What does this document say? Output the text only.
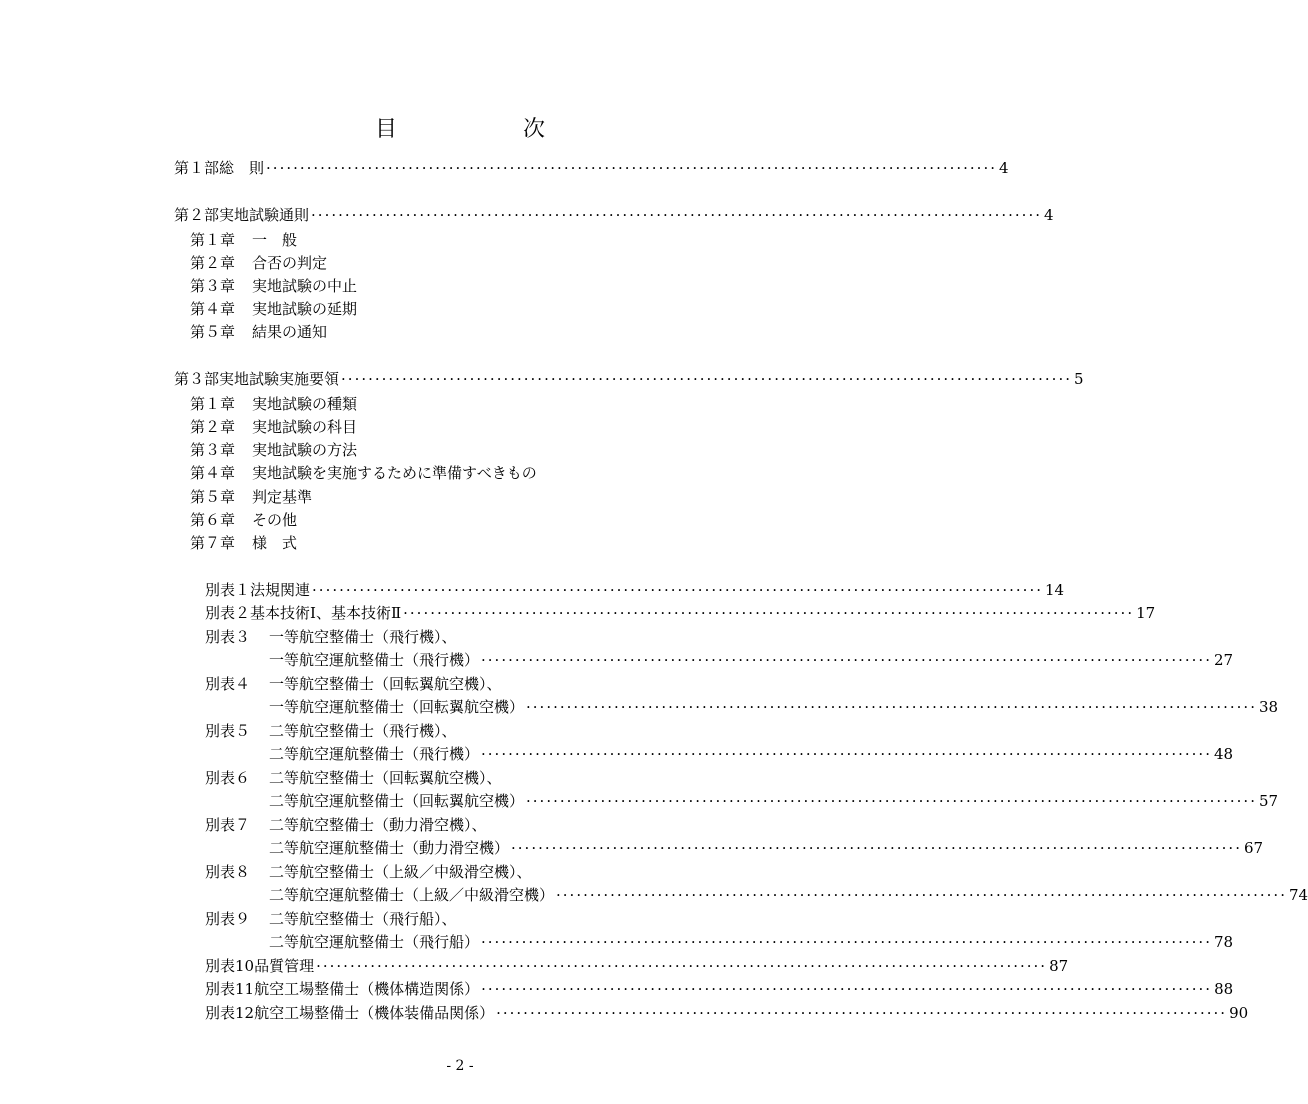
目	次
第１部 総　則 ············································································································ 4
第２部 実地試験通則 ············································································································ 4
第１章	一　般
第２章	合否の判定
第３章	実地試験の中止
第４章	実地試験の延期
第５章	結果の通知
第３部 実地試験実施要領 ············································································································ 5
第１章	実地試験の種類
第２章	実地試験の科目
第３章	実地試験の方法
第４章	実地試験を実施するために準備すべきもの
第５章	判定基準
第６章	その他
第７章	様　式
別表１ 法規関連 ············································································································ 14
別表２ 基本技術Ⅰ、基本技術Ⅱ ············································································································ 17
別表３	一等航空整備士（飛行機）、
一等航空運航整備士（飛行機） ············································································································ 27
別表４	一等航空整備士（回転翼航空機）、
一等航空運航整備士（回転翼航空機） ············································································································ 38
別表５	二等航空整備士（飛行機）、
二等航空運航整備士（飛行機） ············································································································ 48
別表６	二等航空整備士（回転翼航空機）、
二等航空運航整備士（回転翼航空機） ············································································································ 57
別表７	二等航空整備士（動力滑空機）、
二等航空運航整備士（動力滑空機） ············································································································ 67
別表８	二等航空整備士（上級／中級滑空機）、
二等航空運航整備士（上級／中級滑空機） ············································································································ 74
別表９	二等航空整備士（飛行船）、
二等航空運航整備士（飛行船） ············································································································ 78
別表10 品質管理 ············································································································ 87
別表11 航空工場整備士（機体構造関係） ············································································································ 88
別表12 航空工場整備士（機体装備品関係） ············································································································ 90
- 2 -
